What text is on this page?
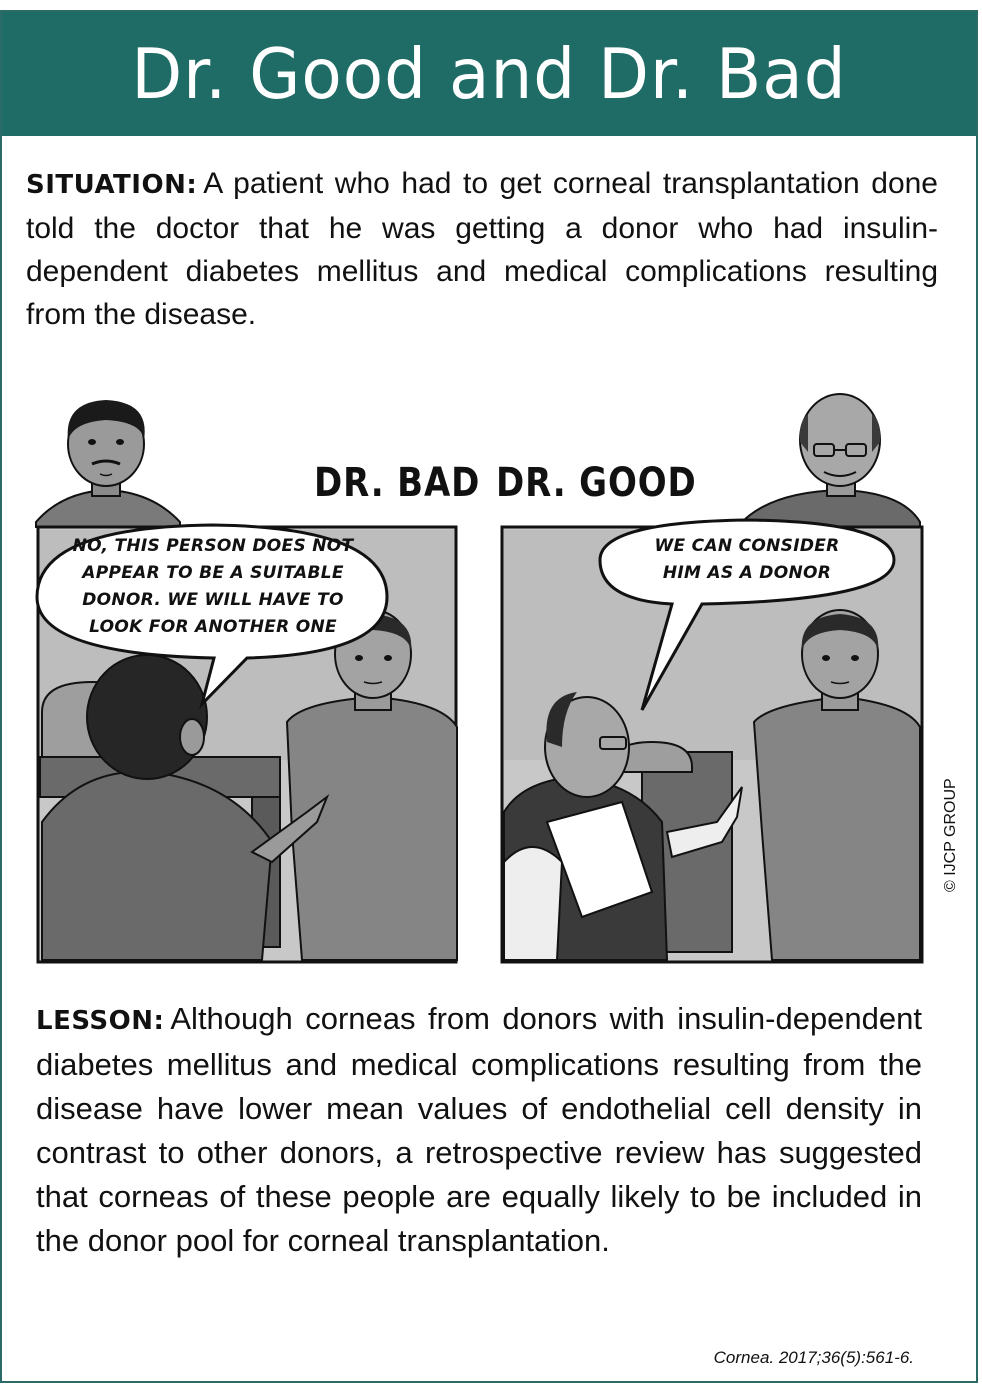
Dr. Good and Dr. Bad
SITUATION: A patient who had to get corneal transplantation done told the doctor that he was getting a donor who had insulin-dependent diabetes mellitus and medical complications resulting from the disease.
DR. BAD DR. GOOD
NO, THIS PERSON DOES NOT APPEAR TO BE A SUITABLE DONOR. WE WILL HAVE TO LOOK FOR ANOTHER ONE
WE CAN CONSIDER HIM AS A DONOR
© IJCP GROUP
LESSON: Although corneas from donors with insulin-dependent diabetes mellitus and medical complications resulting from the disease have lower mean values of endothelial cell density in contrast to other donors, a retrospective review has suggested that corneas of these people are equally likely to be included in the donor pool for corneal transplantation.
Cornea. 2017;36(5):561-6.
